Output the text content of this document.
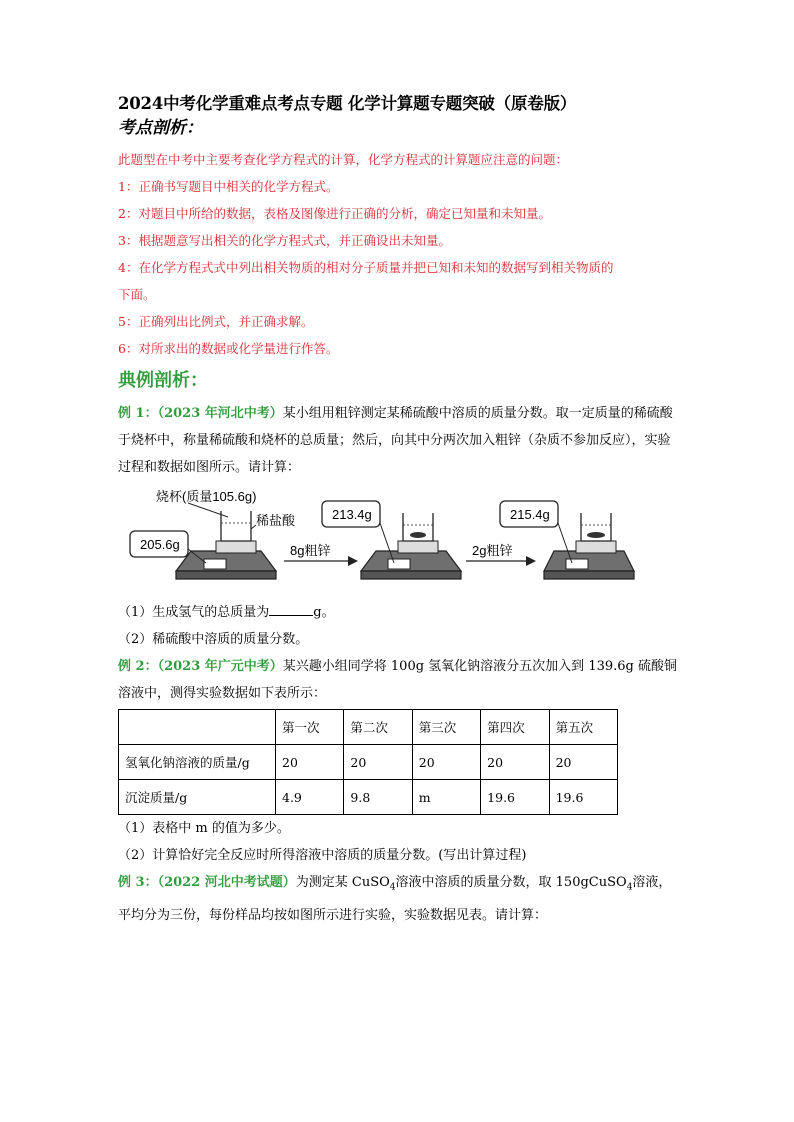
2024中考化学重难点考点专题 化学计算题专题突破（原卷版）

考点剖析：

此题型在中考中主要考查化学方程式的计算，化学方程式的计算题应注意的问题：

1：正确书写题目中相关的化学方程式。

2：对题目中所给的数据，表格及图像进行正确的分析，确定已知量和未知量。

3：根据题意写出相关的化学方程式式，并正确设出未知量。

4：在化学方程式式中列出相关物质的相对分子质量并把已知和未知的数据写到相关物质的

下面。

5：正确列出比例式，并正确求解。

6：对所求出的数据或化学量进行作答。

典例剖析：

例 1：（2023 年河北中考）某小组用粗锌测定某稀硫酸中溶质的质量分数。取一定质量的稀硫酸于烧杯中，称量稀硫酸和烧杯的总质量；然后，向其中分两次加入粗锌（杂质不参加反应），实验过程和数据如图所示。请计算：

烧杯(质量105.6g)
稀盐酸
205.6g	8g粗锌
213.4g
2g粗锌
215.4g

（1）生成氢气的总质量为	g。

（2）稀硫酸中溶质的质量分数。

例 2：（2023 年广元中考）某兴趣小组同学将 100g 氢氧化钠溶液分五次加入到 139.6g 硫酸铜溶液中，测得实验数据如下表所示：

	第一次	第二次	第三次	第四次	第五次
氢氧化钠溶液的质量/g	20	20	20	20	20
沉淀质量/g	4.9	9.8	m	19.6	19.6

（1）表格中 m 的值为多少。

（2）计算恰好完全反应时所得溶液中溶质的质量分数。(写出计算过程)

例 3：（2022 河北中考试题）为测定某 CuSO$_4$溶液中溶质的质量分数，取 150gCuSO$_4$溶液，平均分为三份，每份样品均按如图所示进行实验，实验数据见表。请计算：
